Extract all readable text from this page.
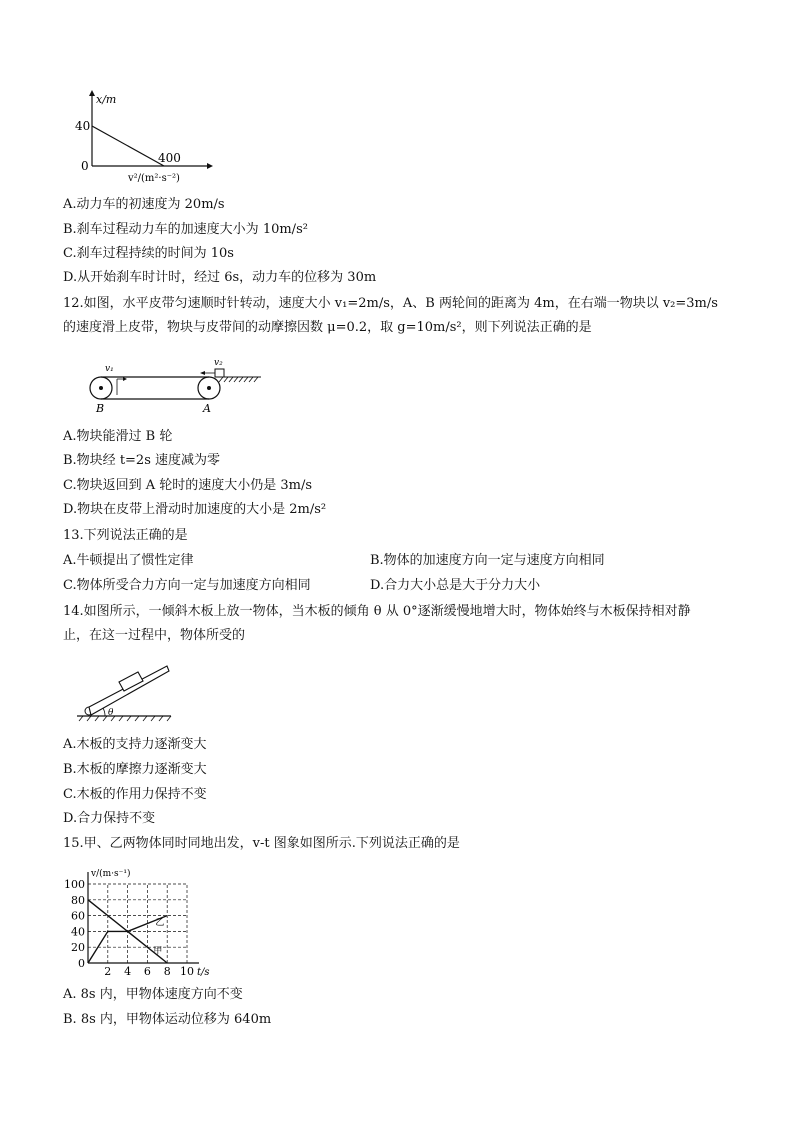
x/m
40
0
400
v²/(m²·s⁻²)
A.动力车的初速度为 20m/s
B.刹车过程动力车的加速度大小为 10m/s²
C.刹车过程持续的时间为 10s
D.从开始刹车时计时，经过 6s，动力车的位移为 30m
12.如图，水平皮带匀速顺时针转动，速度大小 v₁=2m/s，A、B 两轮间的距离为 4m，在右端一物块以 v₂=3m/s
的速度滑上皮带，物块与皮带间的动摩擦因数 μ=0.2，取 g=10m/s²，则下列说法正确的是
v₁
v₂
B	A
A.物块能滑过 B 轮
B.物块经 t=2s 速度减为零
C.物块返回到 A 轮时的速度大小仍是 3m/s
D.物块在皮带上滑动时加速度的大小是 2m/s²
13.下列说法正确的是
A.牛顿提出了惯性定律	B.物体的加速度方向一定与速度方向相同
C.物体所受合力方向一定与加速度方向相同	D.合力大小总是大于分力大小
14.如图所示，一倾斜木板上放一物体，当木板的倾角 θ 从 0°逐渐缓慢地增大时，物体始终与木板保持相对静
止，在这一过程中，物体所受的
θ
A.木板的支持力逐渐变大
B.木板的摩擦力逐渐变大
C.木板的作用力保持不变
D.合力保持不变
15.甲、乙两物体同时同地出发，v-t 图象如图所示.下列说法正确的是
0
20
40
60
80
100
2 4 6 8 10 t/s
v/(m·s⁻¹)
甲
乙
A. 8s 内，甲物体速度方向不变
B. 8s 内，甲物体运动位移为 640m
